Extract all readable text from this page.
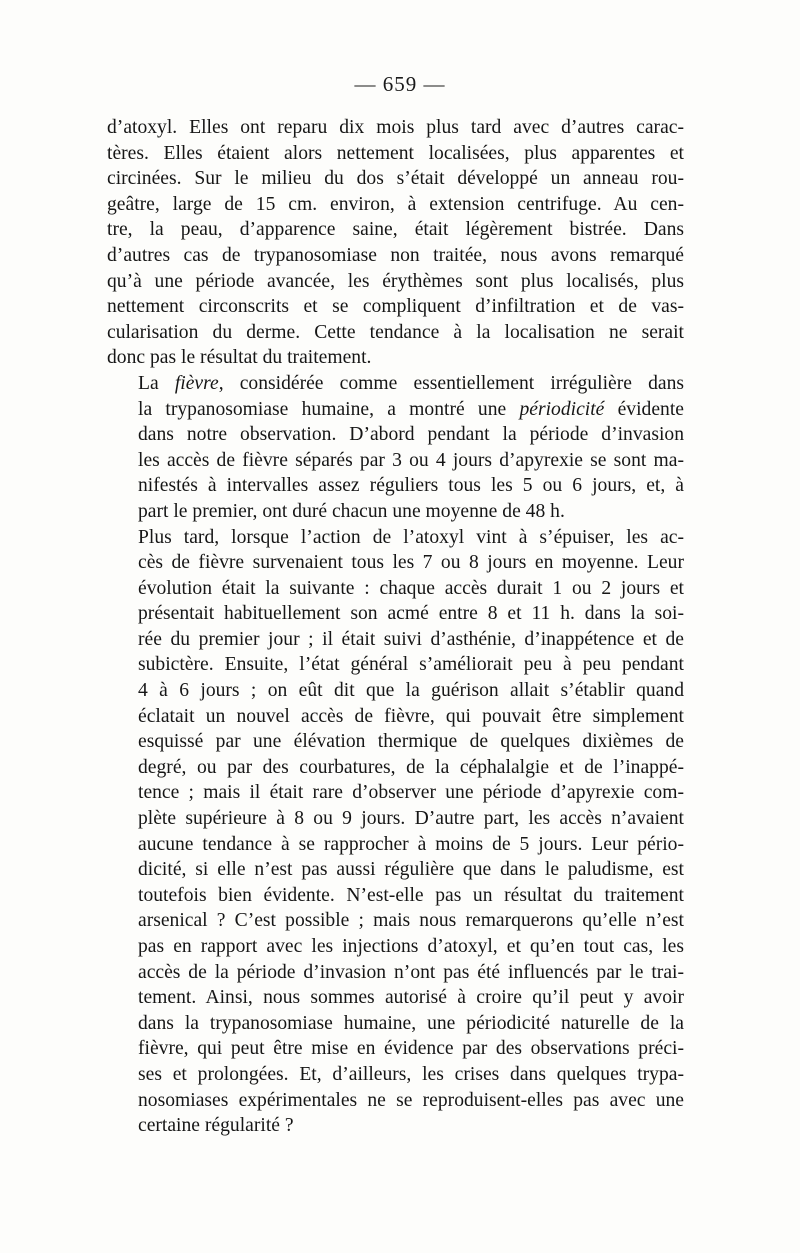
— 659 —

d’atoxyl. Elles ont reparu dix mois plus tard avec d’autres carac-
tères. Elles étaient alors nettement localisées, plus apparentes et
circinées. Sur le milieu du dos s’était développé un anneau rou-
geâtre, large de 15 cm. environ, à extension centrifuge. Au cen-
tre, la peau, d’apparence saine, était légèrement bistrée. Dans
d’autres cas de trypanosomiase non traitée, nous avons remarqué
qu’à une période avancée, les érythèmes sont plus localisés, plus
nettement circonscrits et se compliquent d’infiltration et de vas-
cularisation du derme. Cette tendance à la localisation ne serait
donc pas le résultat du traitement.

La fièvre, considérée comme essentiellement irrégulière dans
la trypanosomiase humaine, a montré une périodicité évidente
dans notre observation. D’abord pendant la période d’invasion
les accès de fièvre séparés par 3 ou 4 jours d’apyrexie se sont ma-
nifestés à intervalles assez réguliers tous les 5 ou 6 jours, et, à
part le premier, ont duré chacun une moyenne de 48 h.

Plus tard, lorsque l’action de l’atoxyl vint à s’épuiser, les ac-
cès de fièvre survenaient tous les 7 ou 8 jours en moyenne. Leur
évolution était la suivante : chaque accès durait 1 ou 2 jours et
présentait habituellement son acmé entre 8 et 11 h. dans la soi-
rée du premier jour ; il était suivi d’asthénie, d’inappétence et de
subictère. Ensuite, l’état général s’améliorait peu à peu pendant
4 à 6 jours ; on eût dit que la guérison allait s’établir quand
éclatait un nouvel accès de fièvre, qui pouvait être simplement
esquissé par une élévation thermique de quelques dixièmes de
degré, ou par des courbatures, de la céphalalgie et de l’inappé-
tence ; mais il était rare d’observer une période d’apyrexie com-
plète supérieure à 8 ou 9 jours. D’autre part, les accès n’avaient
aucune tendance à se rapprocher à moins de 5 jours. Leur pério-
dicité, si elle n’est pas aussi régulière que dans le paludisme, est
toutefois bien évidente. N’est-elle pas un résultat du traitement
arsenical ? C’est possible ; mais nous remarquerons qu’elle n’est
pas en rapport avec les injections d’atoxyl, et qu’en tout cas, les
accès de la période d’invasion n’ont pas été influencés par le trai-
tement. Ainsi, nous sommes autorisé à croire qu’il peut y avoir
dans la trypanosomiase humaine, une périodicité naturelle de la
fièvre, qui peut être mise en évidence par des observations préci-
ses et prolongées. Et, d’ailleurs, les crises dans quelques trypa-
nosomiases expérimentales ne se reproduisent-elles pas avec une
certaine régularité ?
